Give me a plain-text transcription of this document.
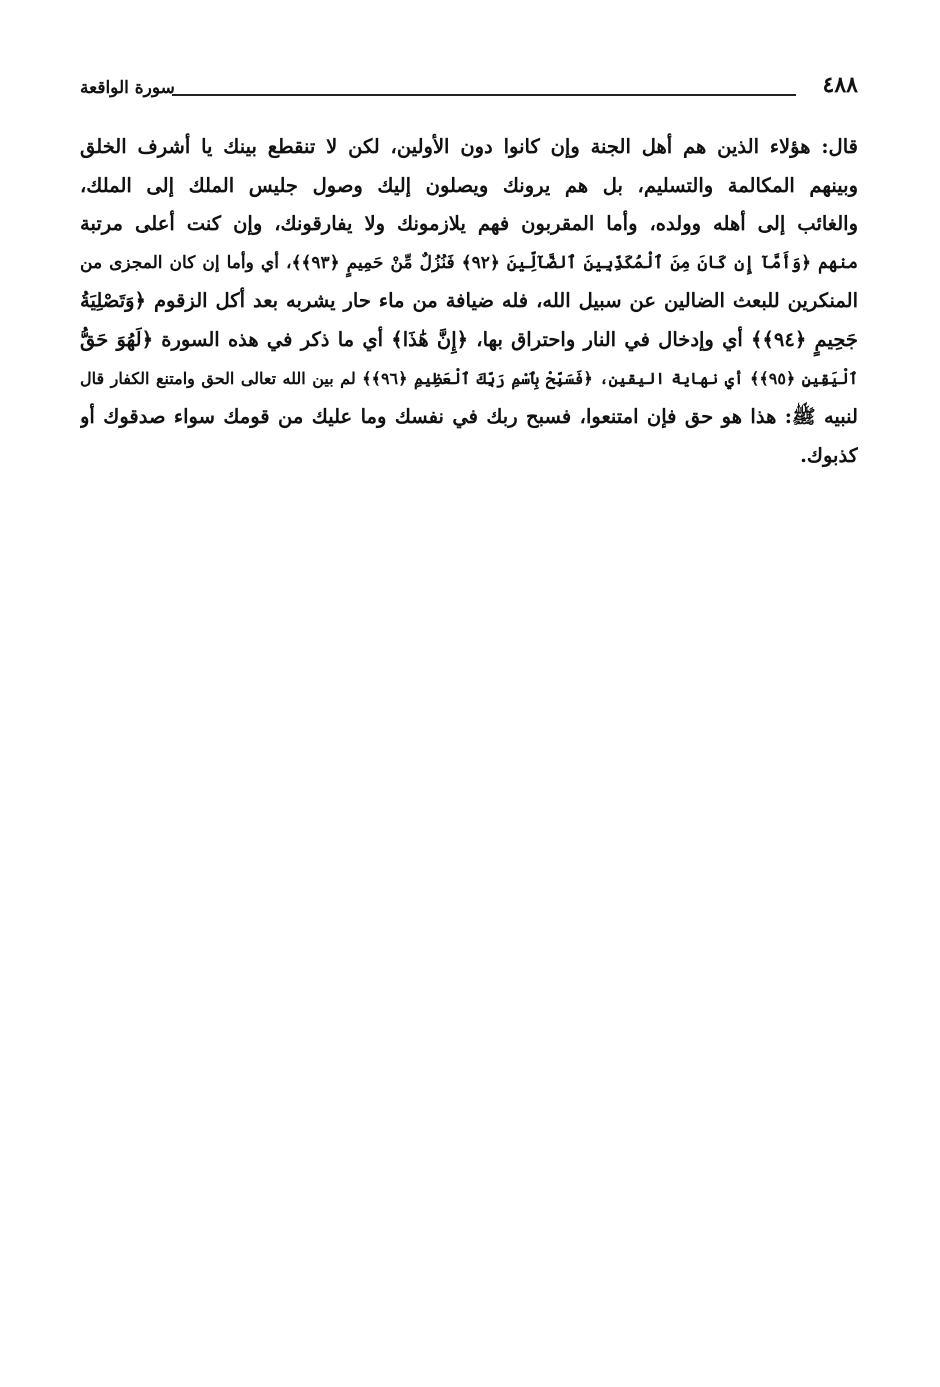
٤٨٨
سورة الواقعة
قال: هؤلاء الذين هم أهل الجنة وإن كانوا دون الأولين، لكن لا تنقطع بينك يا أشرف الخلق
وبينهم المكالمة والتسليم، بل هم يرونك ويصلون إليك وصول جليس الملك إلى الملك،
والغائب إلى أهله وولده، وأما المقربون فهم يلازمونك ولا يفارقونك، وإن كنت أعلى مرتبة
منهم ﴿وَأَمَّآ إِن كَانَ مِنَ ٱلْمُكَذِّبِينَ ٱلضَّآلِّينَ ﴿٩٢﴾ فَنُزُلٌ مِّنْ حَمِيمٍ ﴿٩٣﴾﴾، أي وأما إن كان المجزى من
المنكرين للبعث الضالين عن سبيل الله، فله ضيافة من ماء حار يشربه بعد أكل الزقوم ﴿وَتَصْلِيَةُ
جَحِيمٍ ﴿٩٤﴾﴾ أي وإدخال في النار واحتراق بها، ﴿إِنَّ هَٰذَا﴾ أي ما ذكر في هذه السورة ﴿لَهُوَ حَقُّ
ٱلْيَقِينِ ﴿٩٥﴾﴾ أي نهاية اليقين، ﴿فَسَبِّحْ بِٱسْمِ رَبِّكَ ٱلْعَظِيمِ ﴿٩٦﴾﴾ لم بين الله تعالى الحق وامتنع الكفار قال
لنبيه ﷺ: هذا هو حق فإن امتنعوا، فسبح ربك في نفسك وما عليك من قومك سواء صدقوك أو
كذبوك.
